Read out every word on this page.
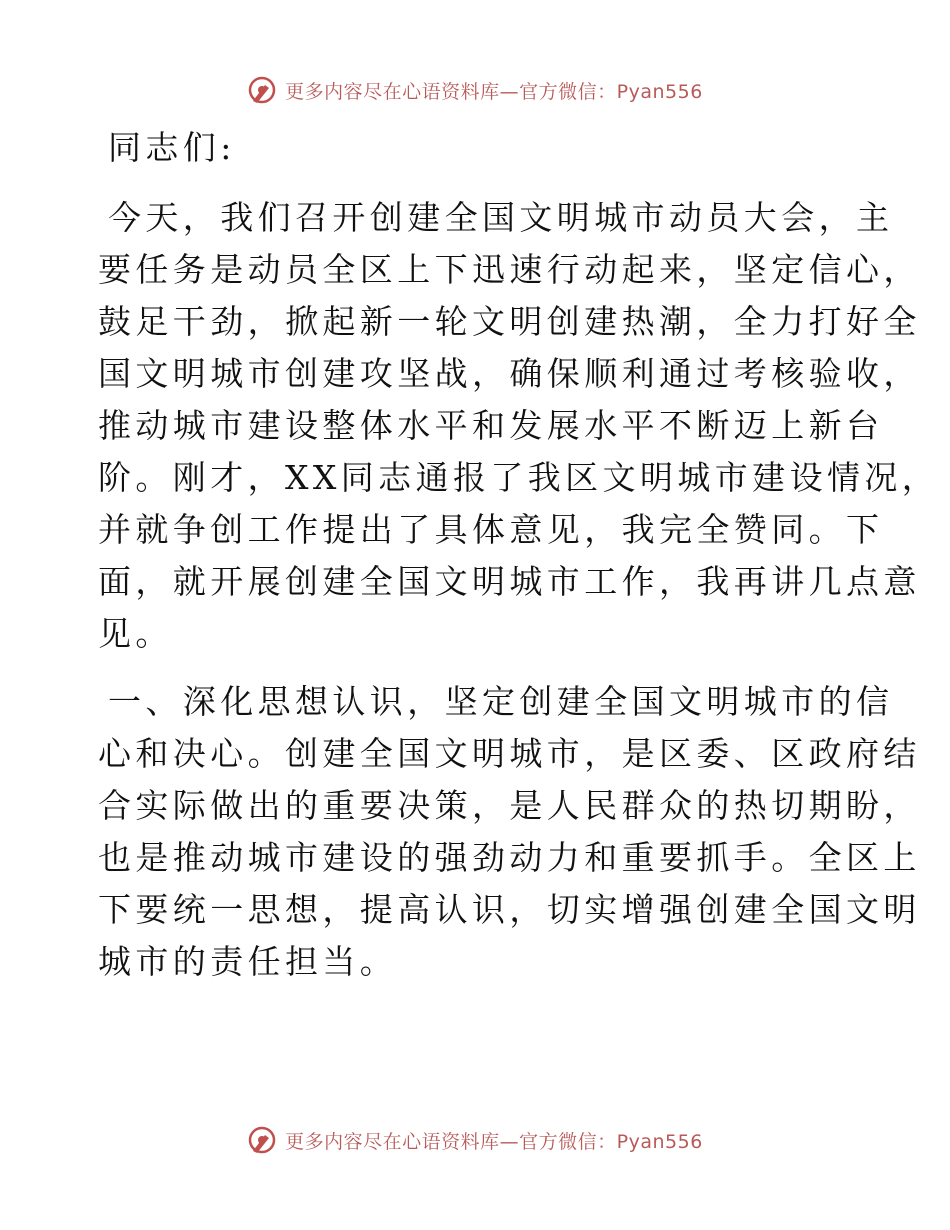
更多内容尽在心语资料库—官方微信：Pyan556
同志们:
今天，我们召开创建全国文明城市动员大会，主
要任务是动员全区上下迅速行动起来，坚定信心，
鼓足干劲，掀起新一轮文明创建热潮，全力打好全
国文明城市创建攻坚战，确保顺利通过考核验收，
推动城市建设整体水平和发展水平不断迈上新台
阶。刚才，XX同志通报了我区文明城市建设情况，
并就争创工作提出了具体意见，我完全赞同。下
面，就开展创建全国文明城市工作，我再讲几点意
见。
一、深化思想认识，坚定创建全国文明城市的信
心和决心。创建全国文明城市，是区委、区政府结
合实际做出的重要决策，是人民群众的热切期盼，
也是推动城市建设的强劲动力和重要抓手。全区上
下要统一思想，提高认识，切实增强创建全国文明
城市的责任担当。
更多内容尽在心语资料库—官方微信：Pyan556
